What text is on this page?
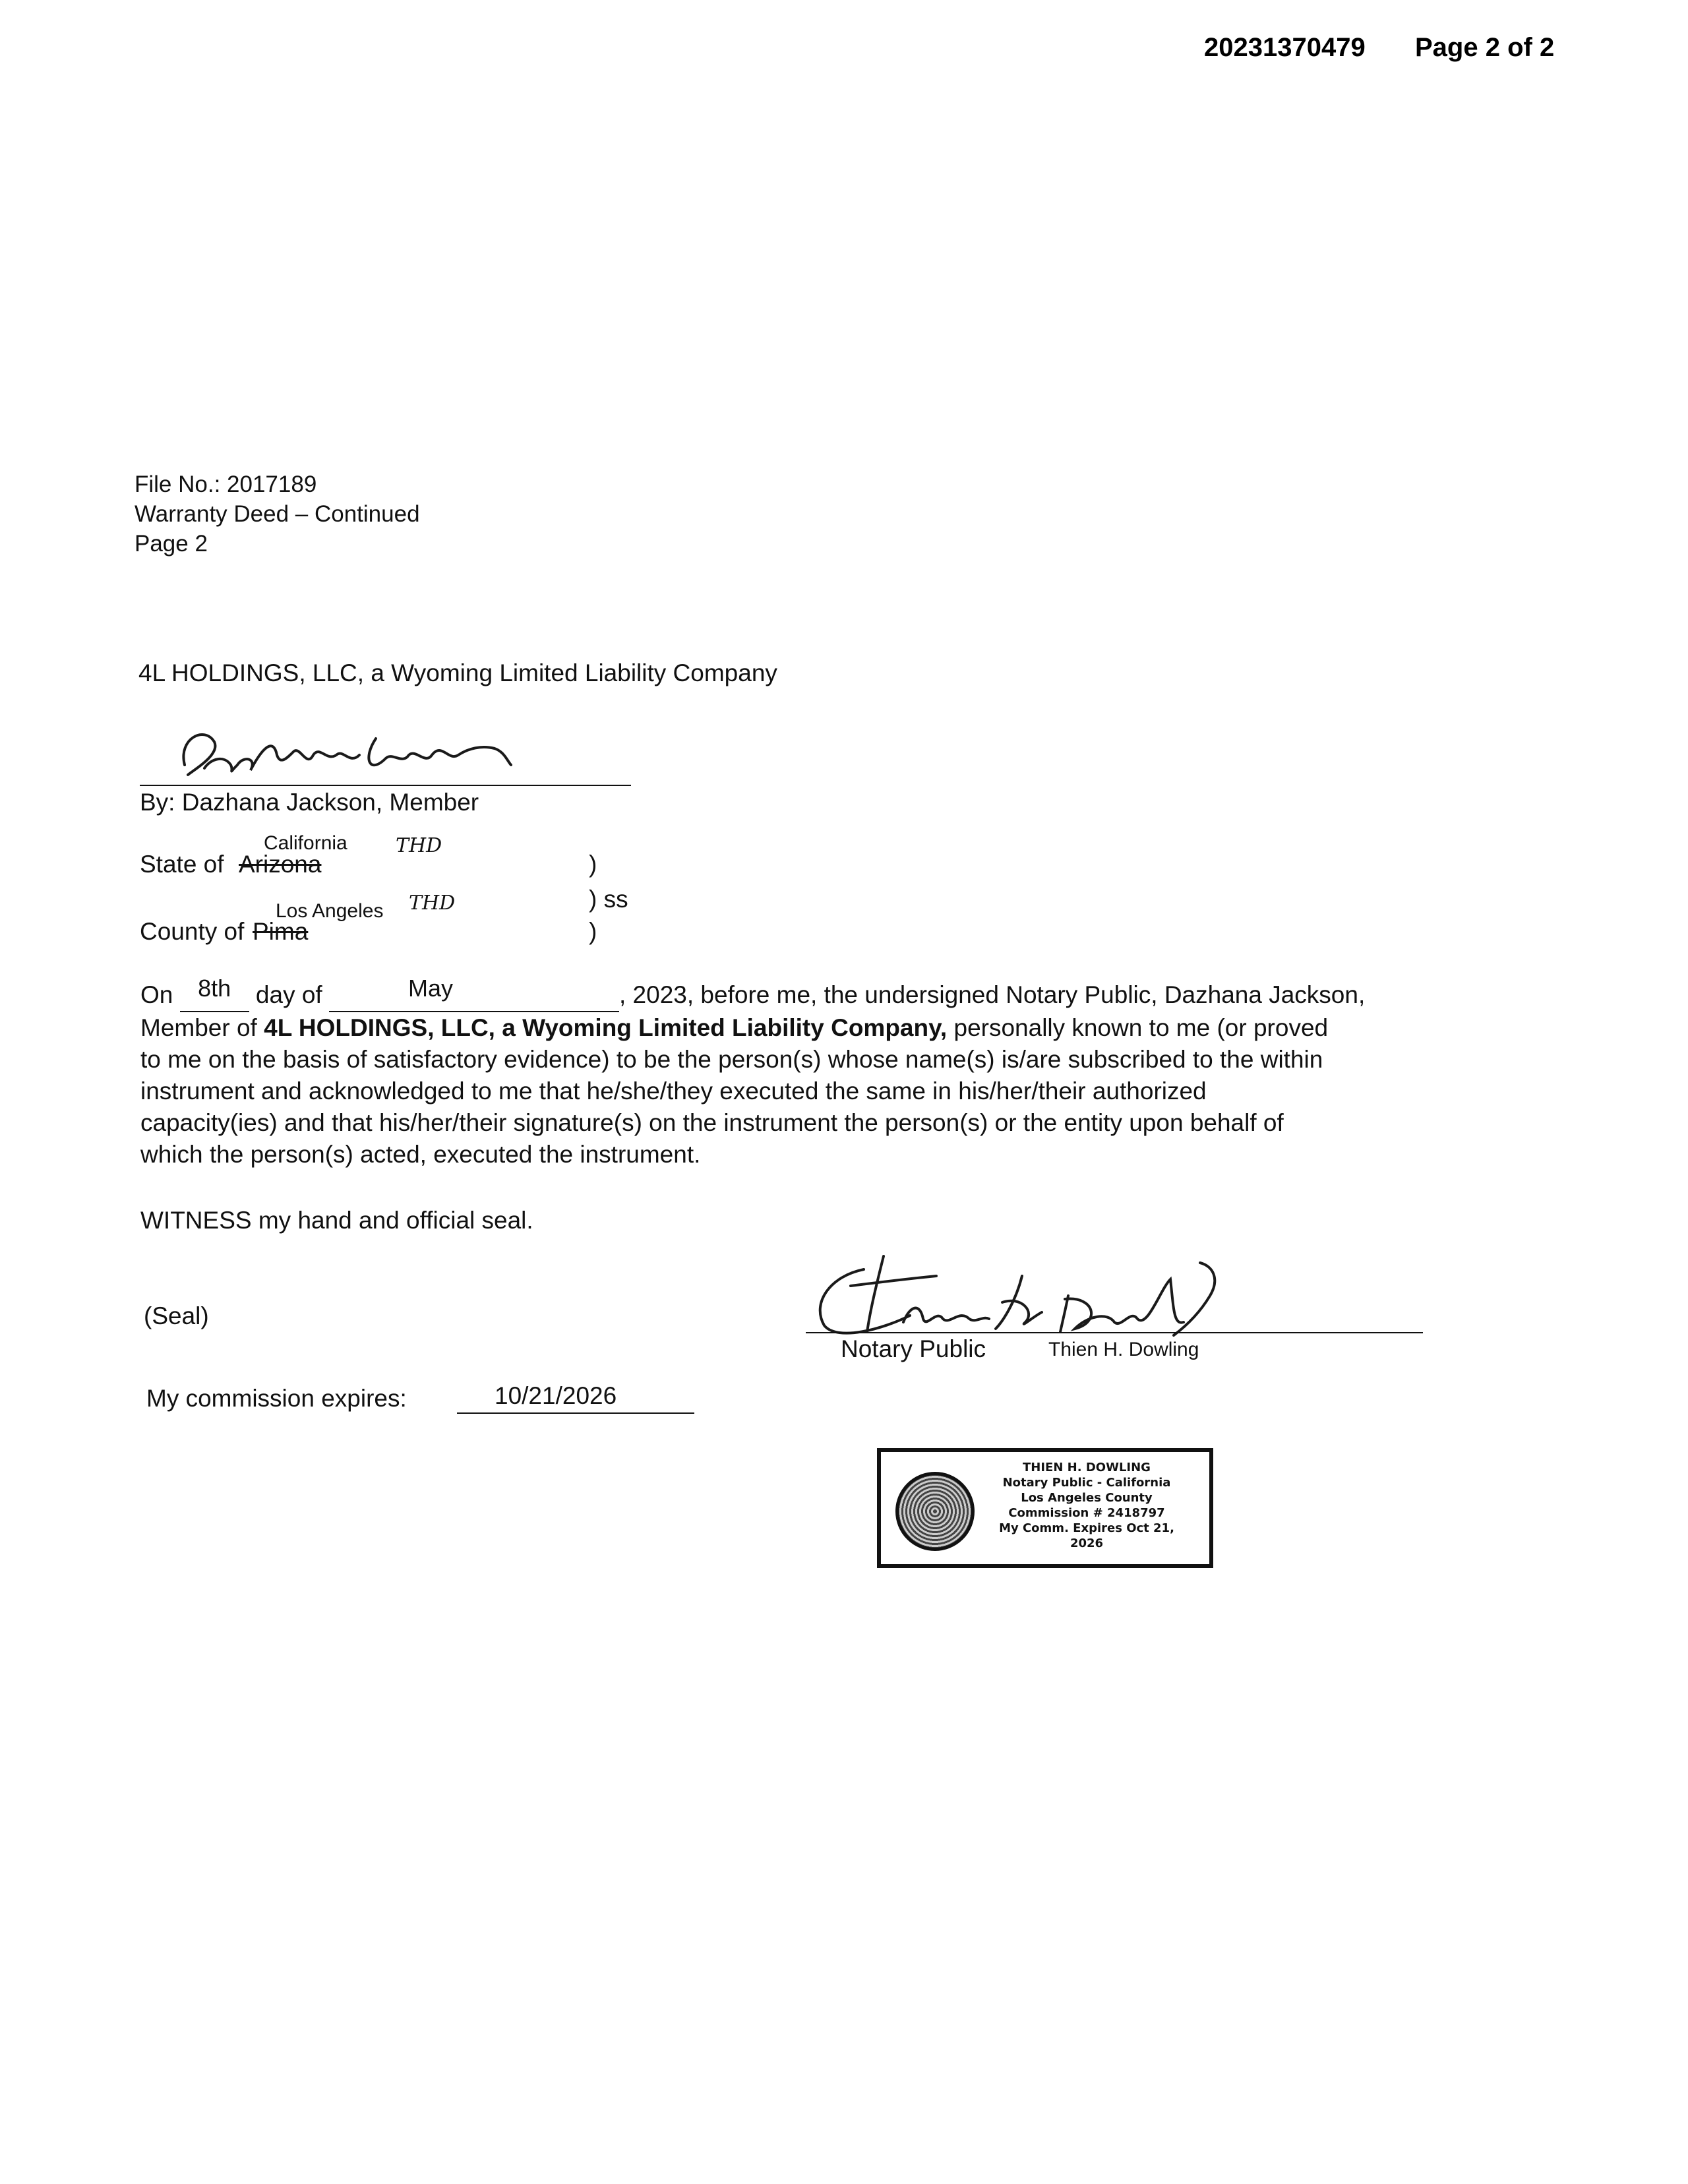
20231370479 Page 2 of 2
File No.: 2017189
Warranty Deed – Continued
Page 2
4L HOLDINGS, LLC, a Wyoming Limited Liability Company
By: Dazhana Jackson, Member
California THD
State of Arizona	)
) ss
Los Angeles THD
County of Pima	)
On	8th	day of	May	, 2023, before me, the undersigned Notary Public, Dazhana Jackson,
Member of 4L HOLDINGS, LLC, a Wyoming Limited Liability Company, personally known to me (or proved
to me on the basis of satisfactory evidence) to be the person(s) whose name(s) is/are subscribed to the within
instrument and acknowledged to me that he/she/they executed the same in his/her/their authorized
capacity(ies) and that his/her/their signature(s) on the instrument the person(s) or the entity upon behalf of
which the person(s) acted, executed the instrument.
WITNESS my hand and official seal.
(Seal)
Notary Public	Thien H. Dowling
My commission expires:	10/21/2026
THIEN H. DOWLING
Notary Public - California
Los Angeles County
Commission # 2418797
My Comm. Expires Oct 21, 2026
